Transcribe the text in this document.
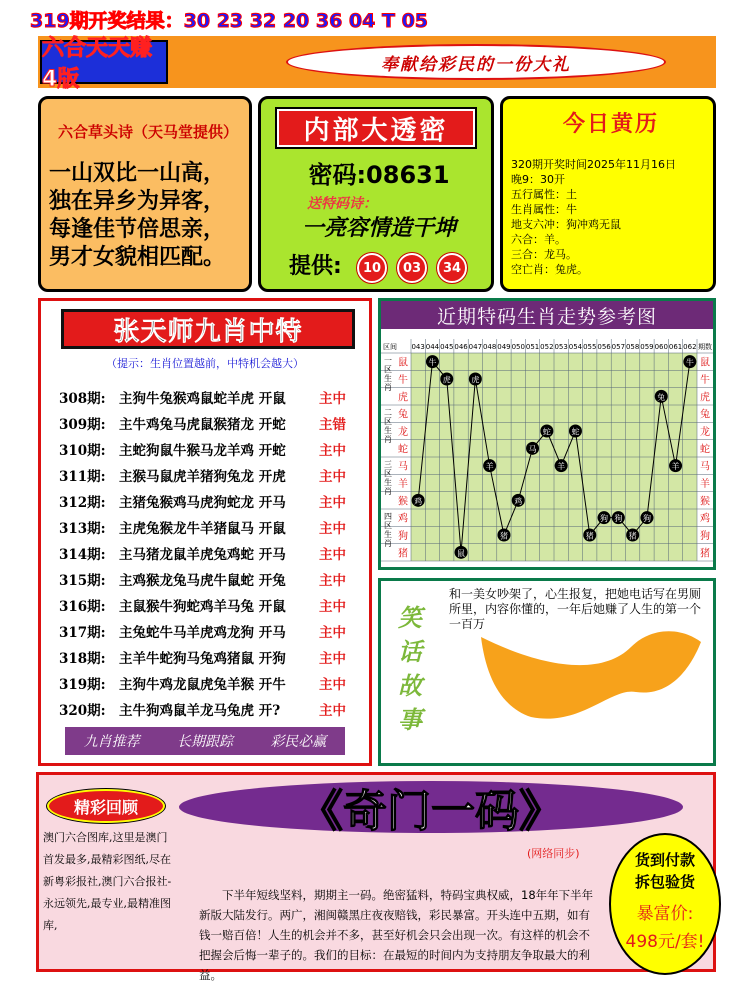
319期开奖结果：30 23 32 20 36 04 T 05
六合天天赚 4版
奉献给彩民的一份大礼
六合草头诗（天马堂提供）
一山双比一山高，
独在异乡为异客，
每逢佳节倍思亲，
男才女貌相匹配。
内部大透密
密码:08631
送特码诗：
一亮容情造干坤
提供:	10	03	34
今日黄历
320期开奖时间2025年11月16日
晚9：30开
五行属性：土
生肖属性：牛
地支六冲：狗冲鸡无鼠
六合：羊。
三合：龙马。
空亡肖：兔虎。
张天师九肖中特
（提示：生肖位置越前，中特机会越大）
308期: 主狗牛兔猴鸡鼠蛇羊虎 开鼠	主中
309期: 主牛鸡兔马虎鼠猴猪龙 开蛇	主错
310期: 主蛇狗鼠牛猴马龙羊鸡 开蛇	主中
311期: 主猴马鼠虎羊猪狗兔龙 开虎	主中
312期: 主猪兔猴鸡马虎狗蛇龙 开马	主中
313期: 主虎兔猴龙牛羊猪鼠马 开鼠	主中
314期: 主马猪龙鼠羊虎兔鸡蛇 开马	主中
315期: 主鸡猴龙兔马虎牛鼠蛇 开兔	主中
316期: 主鼠猴牛狗蛇鸡羊马兔 开鼠	主中
317期: 主兔蛇牛马羊虎鸡龙狗 开马	主中
318期: 主羊牛蛇狗马兔鸡猪鼠 开狗	主中
319期: 主狗牛鸡龙鼠虎兔羊猴 开牛	主中
320期: 主牛狗鸡鼠羊龙马兔虎 开?	主中
九肖推荐	长期跟踪	彩民必赢
近期特码生肖走势参考图
区间	期数
043 044 045 046 047 048 049 050 051 052 053 054 055 056 057 058 059 060 061 062
鼠
牛
虎
兔
龙
蛇
马
羊
猴
鸡
狗
猪
鼠
牛
虎
兔
龙
蛇
马
羊
猴
鸡
狗
猪
一区生肖
二区生肖
三区生肖
四区生肖
鸡
牛
虎
鼠
虎
羊
猪
鸡
马
蛇
羊
蛇
猪
狗 狗
猪
狗
兔
羊
牛
笑话故事
和一美女吵架了，心生报复，把她电话写在男厕所里，内容你懂的，一年后她赚了人生的第一个一百万
精彩回顾
澳门六合图库,这里是澳门首发最多,最精彩图纸,尽在新粤彩报社,澳门六合报社-永远领先,最专业,最精准图库,
《奇门一码》
(网络同步)
下半年短线坚料，期期主一码。绝密猛料，特码宝典权威，18年年下半年新版大陆发行。两广，湘闽赣黑庄夜夜赔钱，彩民暴富。开头连中五期，如有钱一赔百倍！人生的机会并不多，甚至好机会只会出现一次。有这样的机会不把握会后悔一辈子的。我们的目标：在最短的时间内为支持朋友争取最大的利益。
货到付款
拆包验货
暴富价:
498元/套!
